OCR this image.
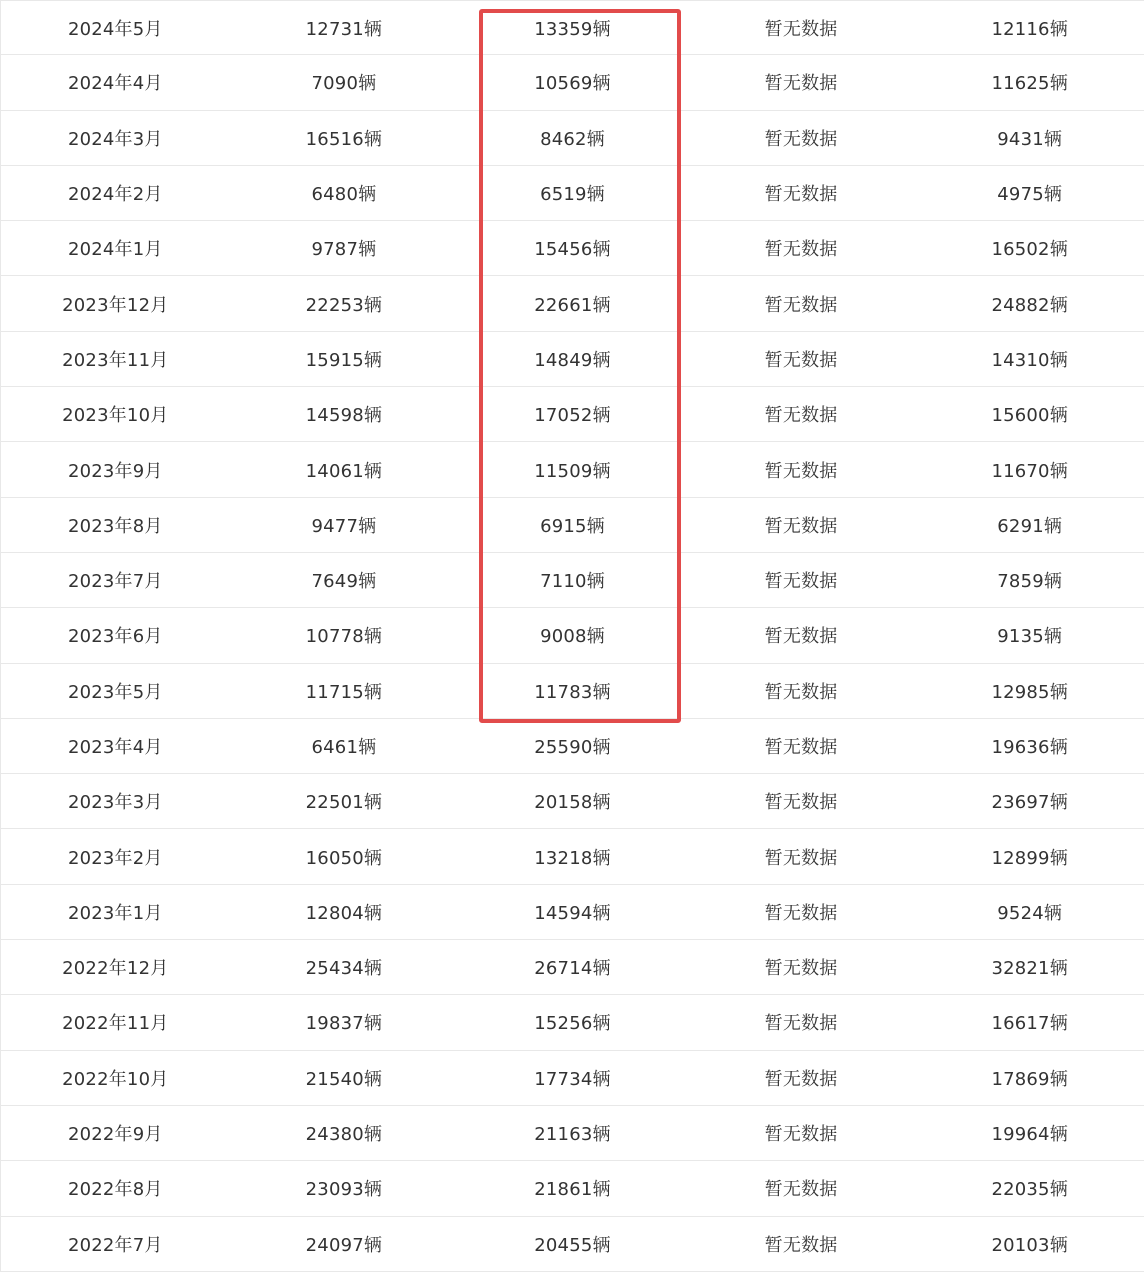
2024年5月	12731辆	13359辆	暂无数据	12116辆
2024年4月	7090辆	10569辆	暂无数据	11625辆
2024年3月	16516辆	8462辆	暂无数据	9431辆
2024年2月	6480辆	6519辆	暂无数据	4975辆
2024年1月	9787辆	15456辆	暂无数据	16502辆
2023年12月	22253辆	22661辆	暂无数据	24882辆
2023年11月	15915辆	14849辆	暂无数据	14310辆
2023年10月	14598辆	17052辆	暂无数据	15600辆
2023年9月	14061辆	11509辆	暂无数据	11670辆
2023年8月	9477辆	6915辆	暂无数据	6291辆
2023年7月	7649辆	7110辆	暂无数据	7859辆
2023年6月	10778辆	9008辆	暂无数据	9135辆
2023年5月	11715辆	11783辆	暂无数据	12985辆
2023年4月	6461辆	25590辆	暂无数据	19636辆
2023年3月	22501辆	20158辆	暂无数据	23697辆
2023年2月	16050辆	13218辆	暂无数据	12899辆
2023年1月	12804辆	14594辆	暂无数据	9524辆
2022年12月	25434辆	26714辆	暂无数据	32821辆
2022年11月	19837辆	15256辆	暂无数据	16617辆
2022年10月	21540辆	17734辆	暂无数据	17869辆
2022年9月	24380辆	21163辆	暂无数据	19964辆
2022年8月	23093辆	21861辆	暂无数据	22035辆
2022年7月	24097辆	20455辆	暂无数据	20103辆
